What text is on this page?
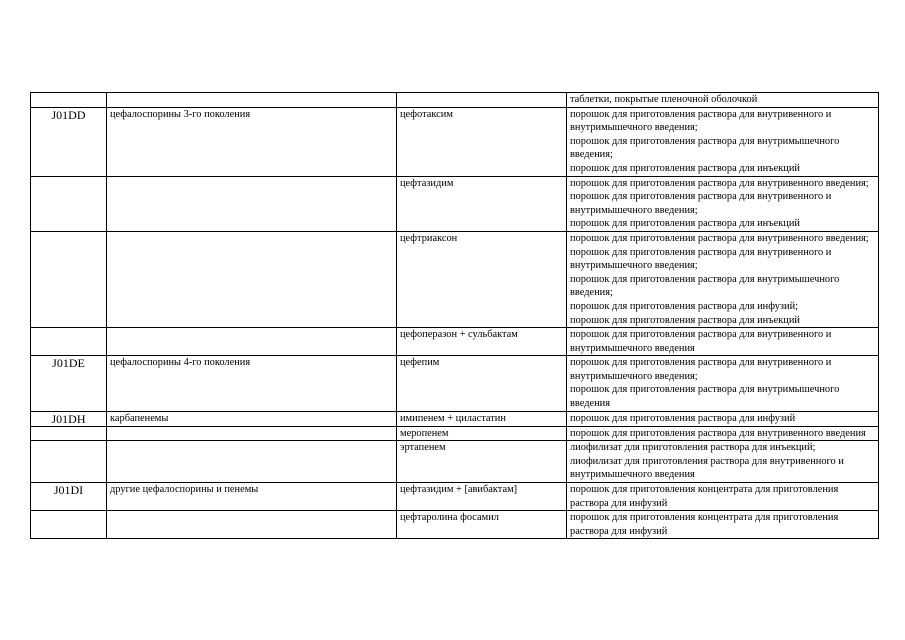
			таблетки, покрытые пленочной оболочкой

J01DD	цефалоспорины 3-го поколения	цефотаксим	порошок для приготовления раствора для внутривенного и внутримышечного введения;
порошок для приготовления раствора для внутримышечного введения;
порошок для приготовления раствора для инъекций

		цефтазидим	порошок для приготовления раствора для внутривенного введения;
порошок для приготовления раствора для внутривенного и внутримышечного введения;
порошок для приготовления раствора для инъекций

		цефтриаксон	порошок для приготовления раствора для внутривенного введения;
порошок для приготовления раствора для внутривенного и внутримышечного введения;
порошок для приготовления раствора для внутримышечного введения;
порошок для приготовления раствора для инфузий;
порошок для приготовления раствора для инъекций

		цефоперазон + сульбактам	порошок для приготовления раствора для внутривенного и внутримышечного введения

J01DE	цефалоспорины 4-го поколения	цефепим	порошок для приготовления раствора для внутривенного и внутримышечного введения;
порошок для приготовления раствора для внутримышечного введения

J01DH	карбапенемы	имипенем + циластатин	порошок для приготовления раствора для инфузий

		меропенем	порошок для приготовления раствора для внутривенного введения

		эртапенем	лиофилизат для приготовления раствора для инъекций;
лиофилизат для приготовления раствора для внутривенного и внутримышечного введения

J01DI	другие цефалоспорины и пенемы	цефтазидим + [авибактам]	порошок для приготовления концентрата для приготовления раствора для инфузий

		цефтаролина фосамил	порошок для приготовления концентрата для приготовления раствора для инфузий
